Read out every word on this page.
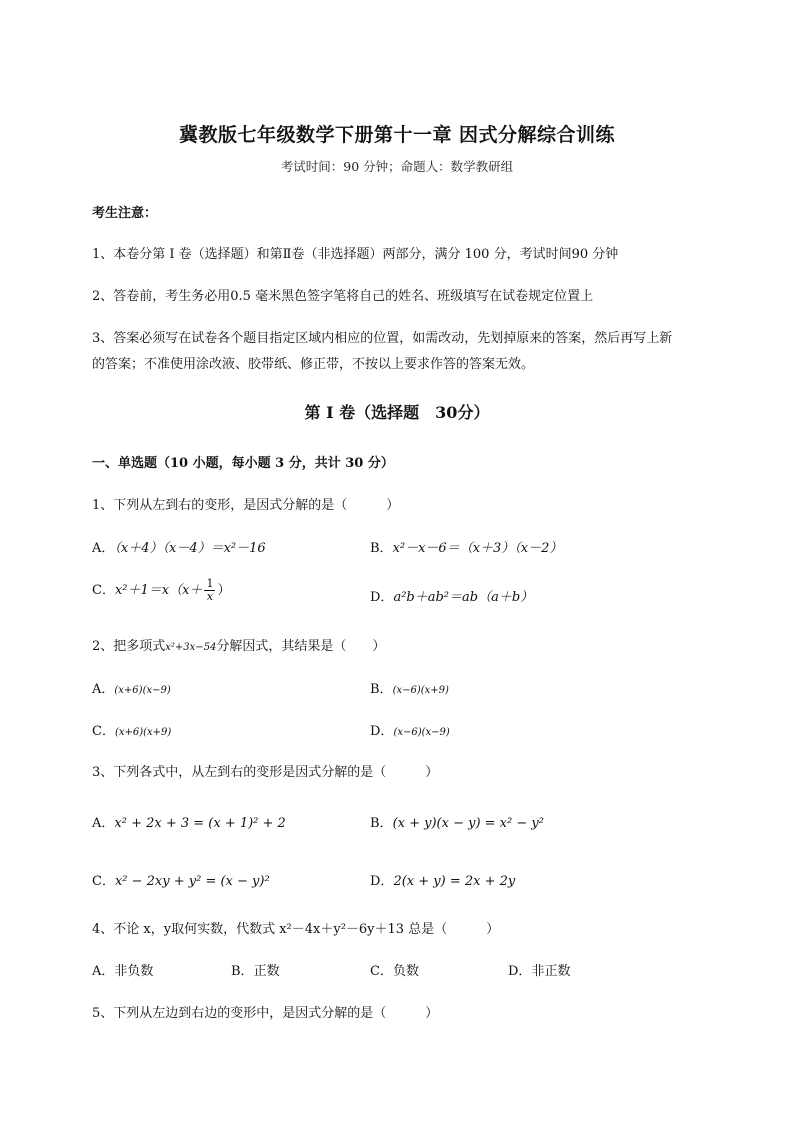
冀教版七年级数学下册第十一章 因式分解综合训练
考试时间：90 分钟；命题人：数学教研组
考生注意：
1、本卷分第 I 卷（选择题）和第Ⅱ卷（非选择题）两部分，满分 100 分，考试时间90 分钟
2、答卷前，考生务必用0.5 毫米黑色签字笔将自己的姓名、班级填写在试卷规定位置上
3、答案必须写在试卷各个题目指定区域内相应的位置，如需改动，先划掉原来的答案，然后再写上新
的答案；不准使用涂改液、胶带纸、修正带，不按以上要求作答的答案无效。
第 I 卷（选择题　30分）
一、单选题（10 小题，每小题 3 分，共计 30 分）
1、下列从左到右的变形，是因式分解的是（　　　）
A．（x＋4）（x－4）＝x²－16	B．x²－x－6＝（x＋3）（x－2）
C．$x^2+1=x(x+ \frac{1}{x}$ ）	D．a²b＋ab²＝ab（a＋b）
2、把多项式x²+3x−54分解因式，其结果是（　　）
A．(x+6)(x−9)	B．(x−6)(x+9)
C．(x+6)(x+9)	D．(x−6)(x−9)
3、下列各式中，从左到右的变形是因式分解的是（　　　）
A．x² + 2x + 3 = (x + 1)² + 2	B．(x + y)(x − y) = x² − y²
C．x² − 2xy + y² = (x − y)²	D．2(x + y) = 2x + 2y
4、不论 x，y取何实数，代数式 x²－4x＋y²－6y＋13 总是（　　　）
A．非负数	B．正数	C．负数	D．非正数
5、下列从左边到右边的变形中，是因式分解的是（　　　）
